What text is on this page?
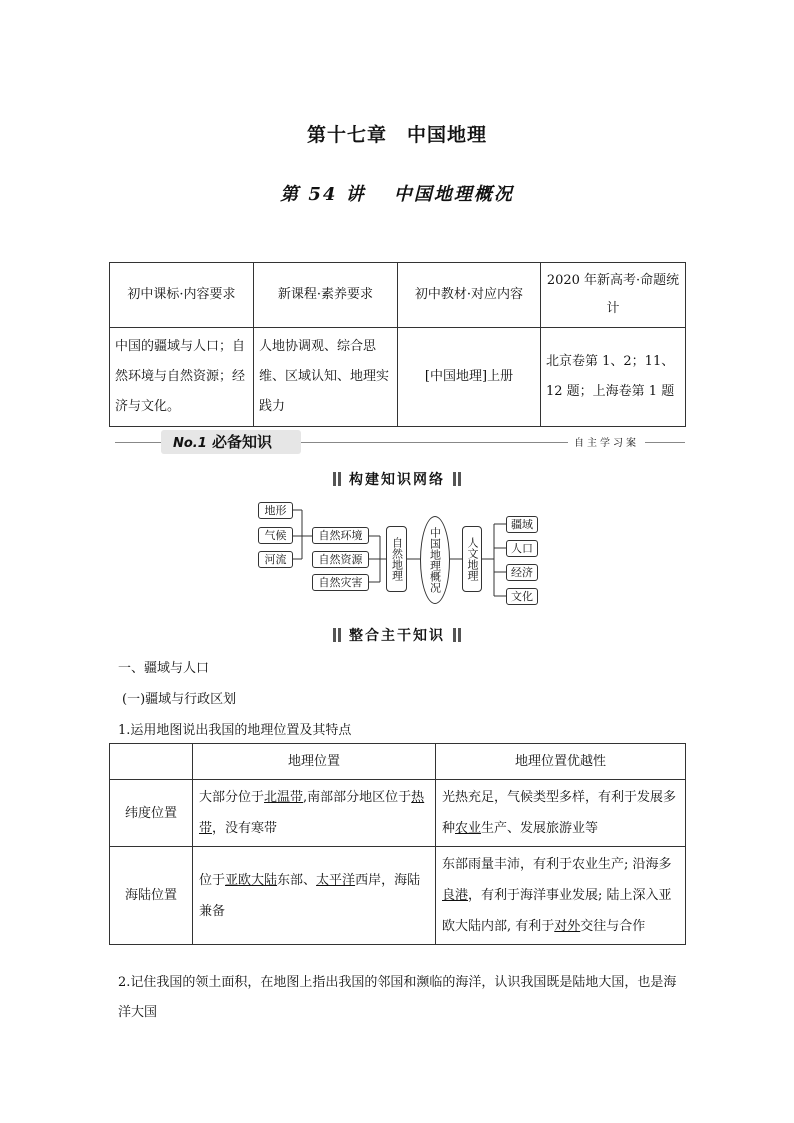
第十七章　中国地理
第 54 讲　 中国地理概况
初中课标·内容要求	新课程·素养要求	初中教材·对应内容	2020 年新高考·命题统计
中国的疆域与人口；自然环境与自然资源；经济与文化。	人地协调观、综合思维、区域认知、地理实践力	[中国地理]上册	北京卷第 1、2；11、12 题；上海卷第 1 题
No.1 必备知识	自主学习案
构建知识网络
地形
气候
河流
自然环境
自然资源
自然灾害
自然地理	中国地理概况	人文地理
疆域
人口
经济
文化
整合主干知识
一、疆域与人口
(一)疆域与行政区划
1.运用地图说出我国的地理位置及其特点
	地理位置	地理位置优越性
纬度位置	大部分位于北温带,南部部分地区位于热带，没有寒带	光热充足，气候类型多样，有利于发展多种农业生产、发展旅游业等
海陆位置	位于亚欧大陆东部、太平洋西岸，海陆兼备	东部雨量丰沛，有利于农业生产; 沿海多良港，有利于海洋事业发展; 陆上深入亚欧大陆内部, 有利于对外交往与合作
2.记住我国的领土面积，在地图上指出我国的邻国和濒临的海洋，认识我国既是陆地大国，也是海洋大国
